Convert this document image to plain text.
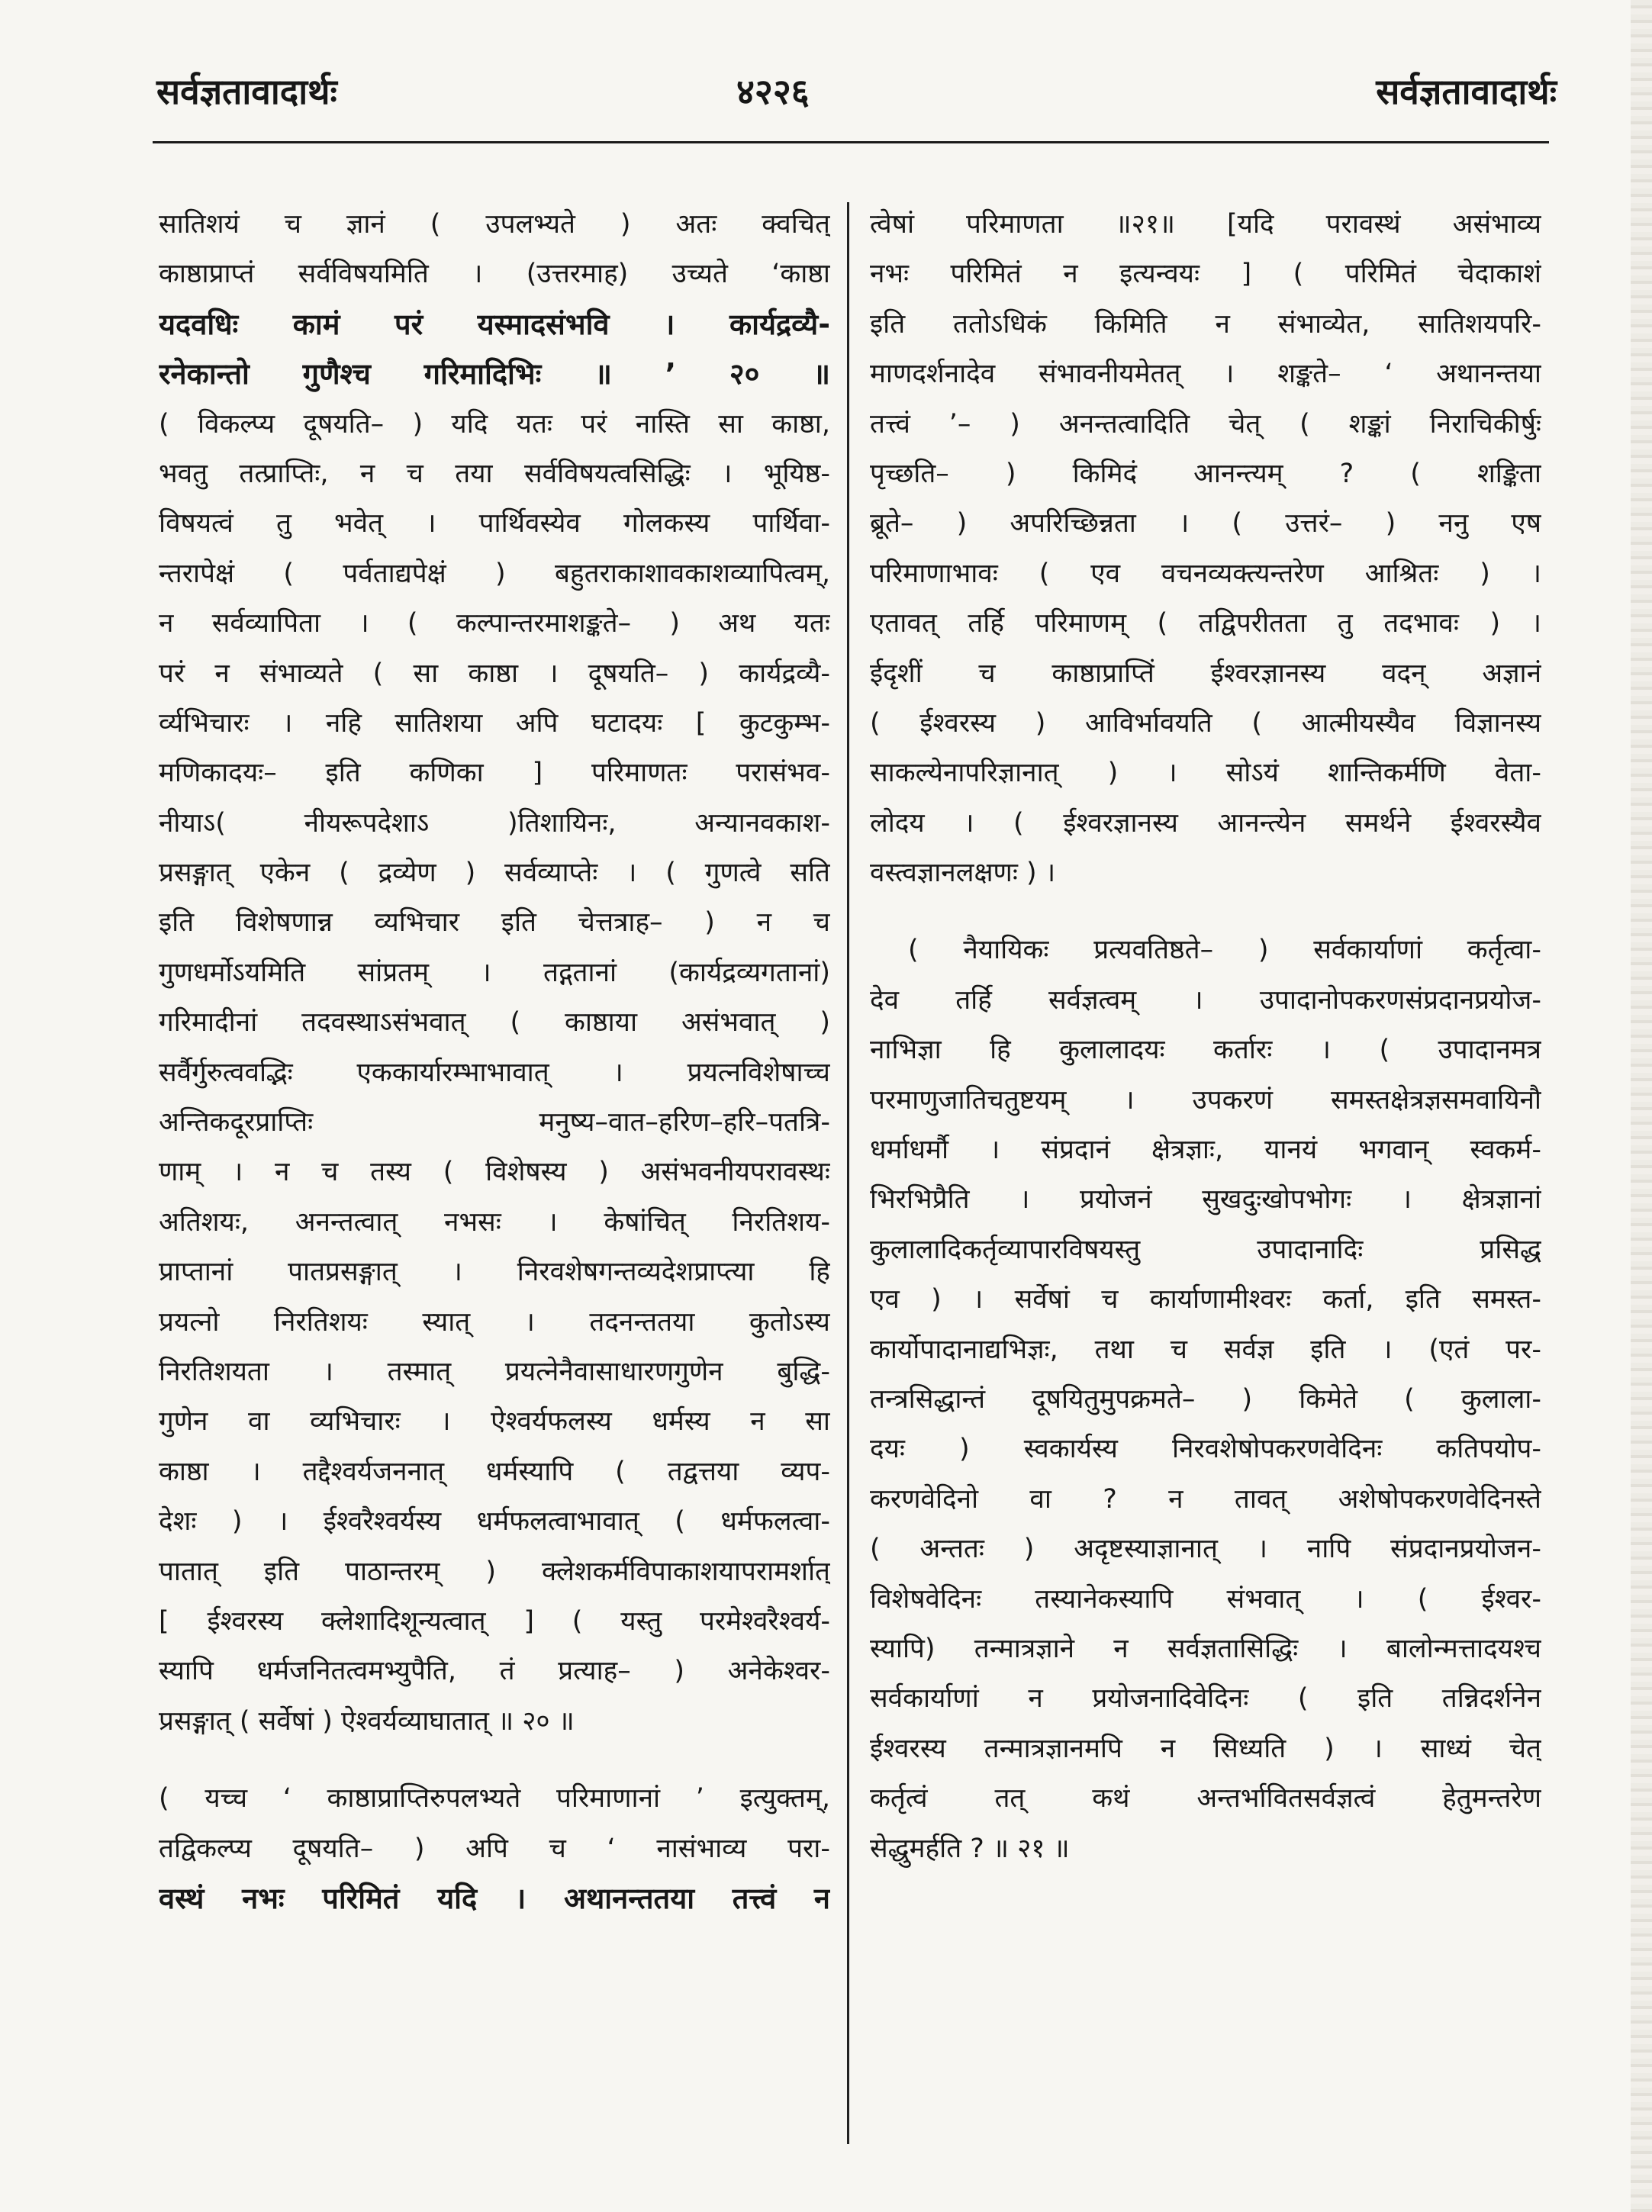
सर्वज्ञतावादार्थः	४२२६	सर्वज्ञतावादार्थः
सातिशयं च ज्ञानं ( उपलभ्यते ) अतः क्वचित्
काष्ठाप्राप्तं सर्वविषयमिति । (उत्तरमाह) उच्यते ‘काष्ठा
यदवधिः कामं परं यस्मादसंभवि । कार्यद्रव्यै-
रनेकान्तो गुणैश्च गरिमादिभिः ॥ ’ २० ॥
( विकल्प्य दूषयति– ) यदि यतः परं नास्ति सा काष्ठा,
भवतु तत्प्राप्तिः, न च तया सर्वविषयत्वसिद्धिः । भूयिष्ठ-
विषयत्वं तु भवेत् । पार्थिवस्येव गोलकस्य पार्थिवा-
न्तरापेक्षं ( पर्वताद्यपेक्षं ) बहुतराकाशावकाशव्यापित्वम्,
न सर्वव्यापिता । ( कल्पान्तरमाशङ्कते– ) अथ यतः
परं न संभाव्यते ( सा काष्ठा । दूषयति– ) कार्यद्रव्यै-
र्व्यभिचारः । नहि सातिशया अपि घटादयः [ कुटकुम्भ-
मणिकादयः– इति कणिका ] परिमाणतः परासंभव-
नीयाऽ( नीयरूपदेशाऽ )तिशायिनः, अन्यानवकाश-
प्रसङ्गात् एकेन ( द्रव्येण ) सर्वव्याप्तेः । ( गुणत्वे सति
इति विशेषणान्न व्यभिचार इति चेत्तत्राह– ) न च
गुणधर्मोऽयमिति सांप्रतम् । तद्गतानां (कार्यद्रव्यगतानां)
गरिमादीनां तदवस्थाऽसंभवात् ( काष्ठाया असंभवात् )
सर्वैर्गुरुत्ववद्भिः एककार्यारम्भाभावात् । प्रयत्नविशेषाच्च
अन्तिकदूरप्राप्तिः मनुष्य–वात–हरिण–हरि–पतत्रि-
णाम् । न च तस्य ( विशेषस्य ) असंभवनीयपरावस्थः
अतिशयः, अनन्तत्वात् नभसः । केषांचित् निरतिशय-
प्राप्तानां पातप्रसङ्गात् । निरवशेषगन्तव्यदेशप्राप्त्या हि
प्रयत्नो निरतिशयः स्यात् । तदनन्ततया कुतोऽस्य
निरतिशयता । तस्मात् प्रयत्नेनैवासाधारणगुणेन बुद्धि-
गुणेन वा व्यभिचारः । ऐश्वर्यफलस्य धर्मस्य न सा
काष्ठा । तद्दैश्वर्यजननात् धर्मस्यापि ( तद्वत्तया व्यप-
देशः ) । ईश्वरैश्वर्यस्य धर्मफलत्वाभावात् ( धर्मफलत्वा-
पातात् इति पाठान्तरम् ) क्लेशकर्मविपाकाशयापरामर्शात्
[ ईश्वरस्य क्लेशादिशून्यत्वात् ] ( यस्तु परमेश्वरैश्वर्य-
स्यापि धर्मजनितत्वमभ्युपैति, तं प्रत्याह– ) अनेकेश्वर-
प्रसङ्गात् ( सर्वेषां ) ऐश्वर्यव्याघातात् ॥ २० ॥
( यच्च ‘ काष्ठाप्राप्तिरुपलभ्यते परिमाणानां ’ इत्युक्तम्,
तद्विकल्प्य दूषयति– ) अपि च ‘ नासंभाव्य परा-
वस्थं नभः परिमितं यदि । अथानन्ततया तत्त्वं न
त्वेषां परिमाणता ॥२१॥ [यदि परावस्थं असंभाव्य
नभः परिमितं न इत्यन्वयः ] ( परिमितं चेदाकाशं
इति ततोऽधिकं किमिति न संभाव्येत, सातिशयपरि-
माणदर्शनादेव संभावनीयमेतत् । शङ्कते– ‘ अथानन्तया
तत्त्वं ’– ) अनन्तत्वादिति चेत् ( शङ्कां निराचिकीर्षुः
पृच्छति– ) किमिदं आनन्त्यम् ? ( शङ्किता
ब्रूते– ) अपरिच्छिन्नता । ( उत्तरं– ) ननु एष
परिमाणाभावः ( एव वचनव्यक्त्यन्तरेण आश्रितः ) ।
एतावत् तर्हि परिमाणम् ( तद्विपरीतता तु तदभावः ) ।
ईदृशीं च काष्ठाप्राप्तिं ईश्वरज्ञानस्य वदन् अज्ञानं
( ईश्वरस्य ) आविर्भावयति ( आत्मीयस्यैव विज्ञानस्य
साकल्येनापरिज्ञानात् ) । सोऽयं शान्तिकर्मणि वेता-
लोदय । ( ईश्वरज्ञानस्य आनन्त्येन समर्थने ईश्वरस्यैव
वस्त्वज्ञानलक्षणः ) ।
( नैयायिकः प्रत्यवतिष्ठते– ) सर्वकार्याणां कर्तृत्वा-
देव तर्हि सर्वज्ञत्वम् । उपादानोपकरणसंप्रदानप्रयोज-
नाभिज्ञा हि कुलालादयः कर्तारः । ( उपादानमत्र
परमाणुजातिचतुष्टयम् । उपकरणं समस्तक्षेत्रज्ञसमवायिनौ
धर्माधर्मौ । संप्रदानं क्षेत्रज्ञाः, यानयं भगवान् स्वकर्म-
भिरभिप्रैति । प्रयोजनं सुखदुःखोपभोगः । क्षेत्रज्ञानां
कुलालादिकर्तृव्यापारविषयस्तु उपादानादिः प्रसिद्ध
एव ) । सर्वेषां च कार्याणामीश्वरः कर्ता, इति समस्त-
कार्योपादानाद्यभिज्ञः, तथा च सर्वज्ञ इति । (एतं पर-
तन्त्रसिद्धान्तं दूषयितुमुपक्रमते– ) किमेते ( कुलाला-
दयः ) स्वकार्यस्य निरवशेषोपकरणवेदिनः कतिपयोप-
करणवेदिनो वा ? न तावत् अशेषोपकरणवेदिनस्ते
( अन्ततः ) अदृष्टस्याज्ञानात् । नापि संप्रदानप्रयोजन-
विशेषवेदिनः तस्यानेकस्यापि संभवात् । ( ईश्वर-
स्यापि) तन्मात्रज्ञाने न सर्वज्ञतासिद्धिः । बालोन्मत्तादयश्च
सर्वकार्याणां न प्रयोजनादिवेदिनः ( इति तन्निदर्शनेन
ईश्वरस्य तन्मात्रज्ञानमपि न सिध्यति ) । साध्यं चेत्
कर्तृत्वं तत् कथं अन्तर्भावितसर्वज्ञत्वं हेतुमन्तरेण
सेद्धुमर्हति ? ॥ २१ ॥
